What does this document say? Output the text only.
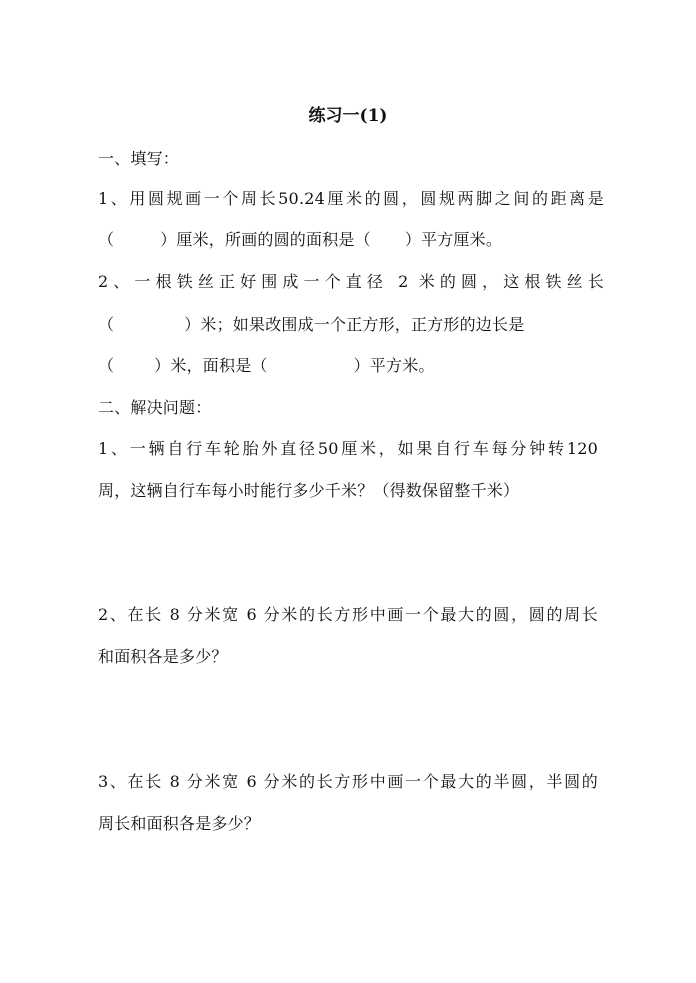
练习一(1)
一、填写：
1、用圆规画一个周长50.24厘米的圆，圆规两脚之间的距离是
（	）厘米，所画的圆的面积是（ ）平方厘米。
2、一根铁丝正好围成一个直径 2 米的圆，这根铁丝长
（	）米；如果改围成一个正方形，正方形的边长是
（	）米，面积是（	）平方米。
二、解决问题：
1、一辆自行车轮胎外直径50厘米，如果自行车每分钟转120
周，这辆自行车每小时能行多少千米？（得数保留整千米）
2、在长 8 分米宽 6 分米的长方形中画一个最大的圆，圆的周长
和面积各是多少？
3、在长 8 分米宽 6 分米的长方形中画一个最大的半圆，半圆的
周长和面积各是多少？
